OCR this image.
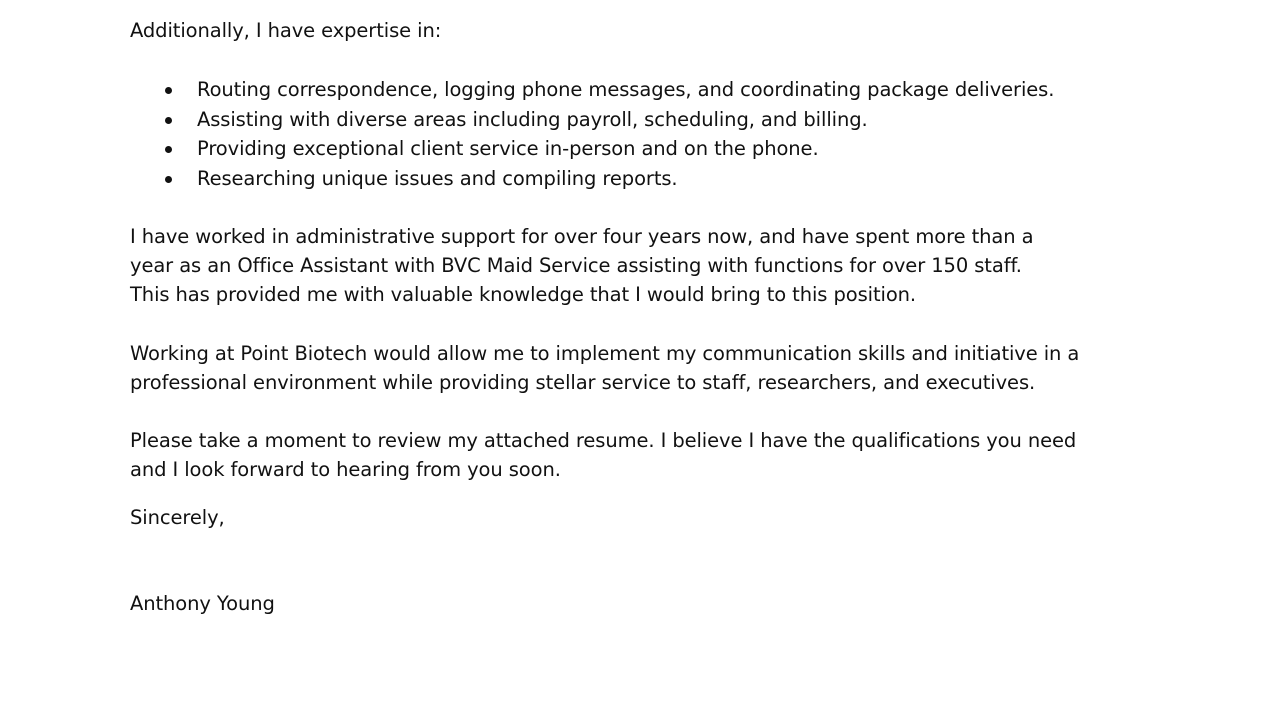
Additionally, I have expertise in:
Routing correspondence, logging phone messages, and coordinating package deliveries.
Assisting with diverse areas including payroll, scheduling, and billing.
Providing exceptional client service in-person and on the phone.
Researching unique issues and compiling reports.
I have worked in administrative support for over four years now, and have spent more than a
year as an Office Assistant with BVC Maid Service assisting with functions for over 150 staff.
This has provided me with valuable knowledge that I would bring to this position.
Working at Point Biotech would allow me to implement my communication skills and initiative in a
professional environment while providing stellar service to staff, researchers, and executives.
Please take a moment to review my attached resume. I believe I have the qualifications you need
and I look forward to hearing from you soon.
Sincerely,
Anthony Young
